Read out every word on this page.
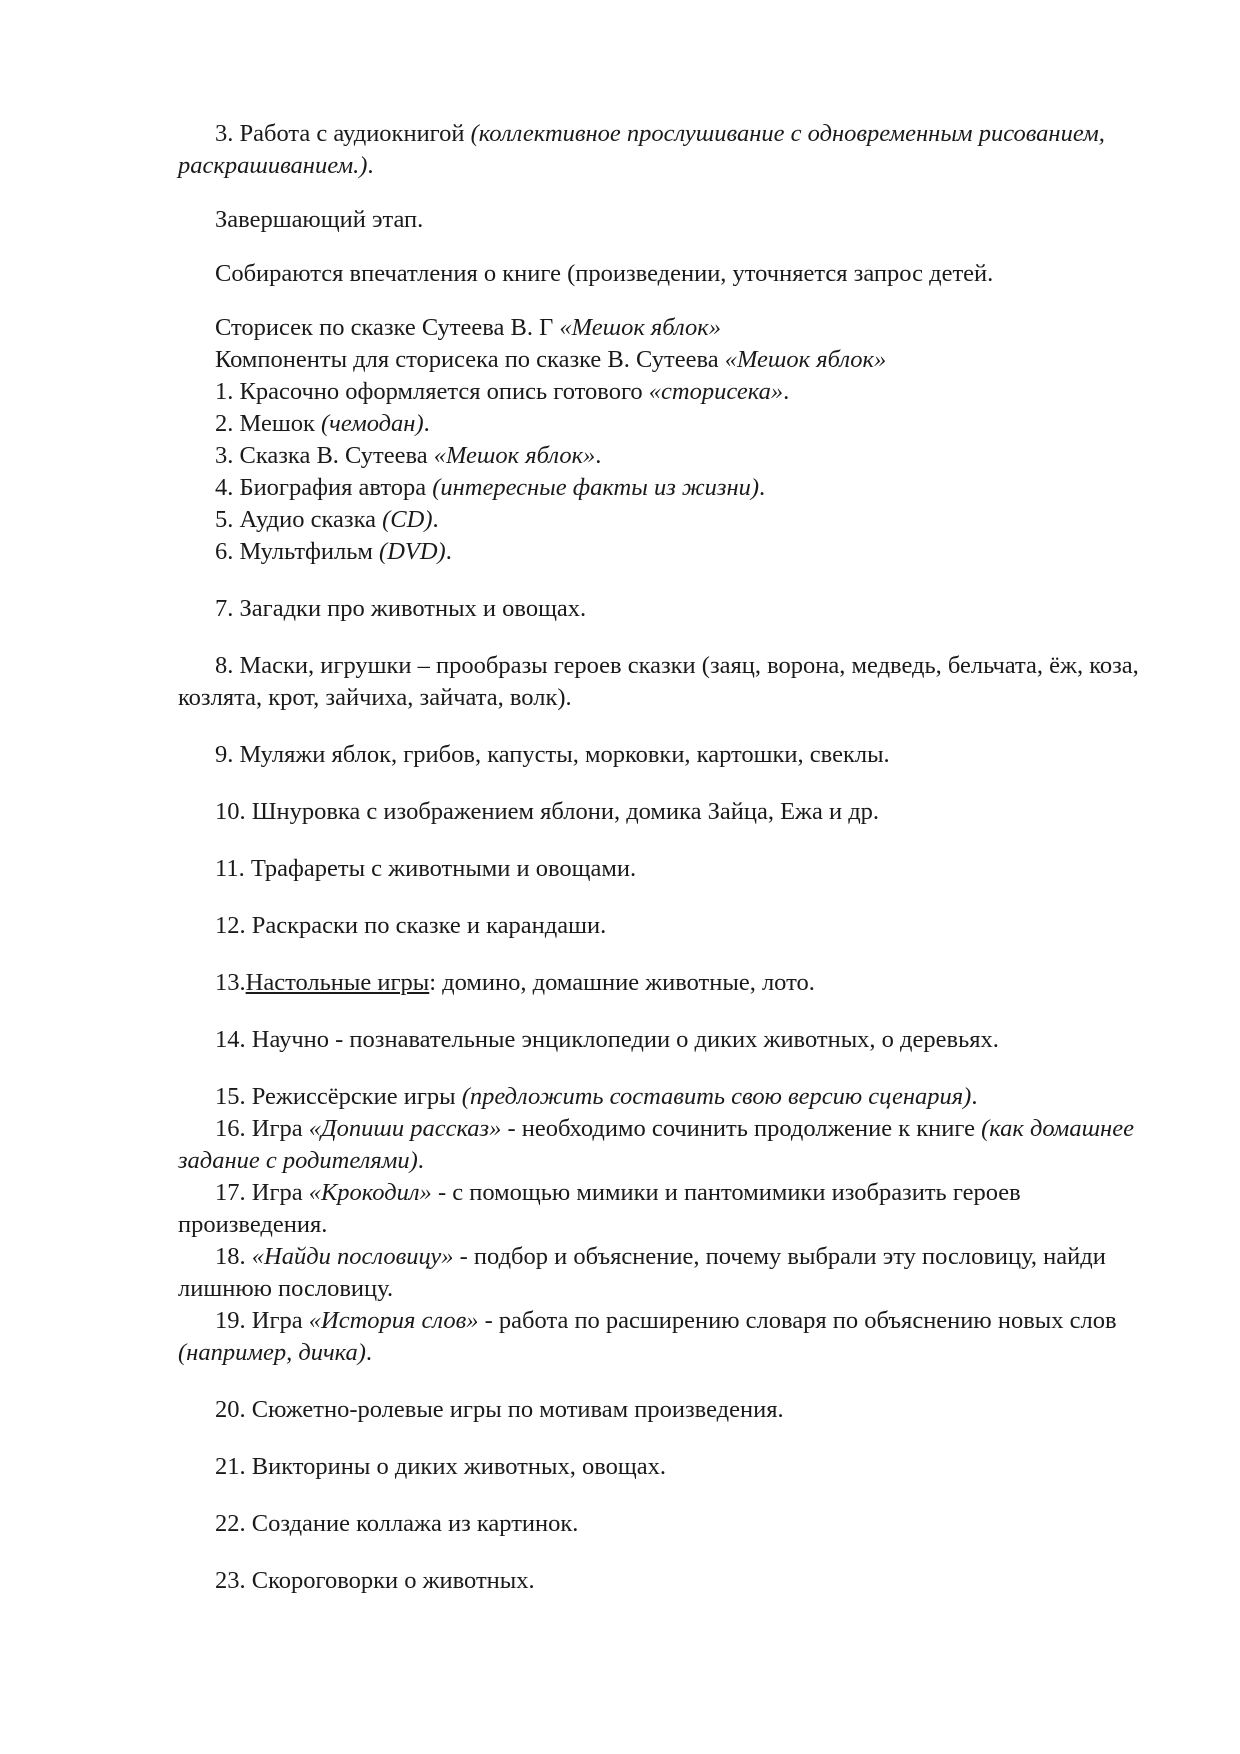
3. Работа с аудиокнигой (коллективное прослушивание с одновременным рисованием, раскрашиванием.).

Завершающий этап.

Собираются впечатления о книге (произведении, уточняется запрос детей.

Сторисек по сказке Сутеева В. Г «Мешок яблок»

Компоненты для сторисека по сказке В. Сутеева «Мешок яблок»

1. Красочно оформляется опись готового «сторисека».

2. Мешок (чемодан).

3. Сказка В. Сутеева «Мешок яблок».

4. Биография автора (интересные факты из жизни).

5. Аудио сказка (CD).

6. Мультфильм (DVD).

7. Загадки про животных и овощах.

8. Маски, игрушки – прообразы героев сказки (заяц, ворона, медведь, бельчата, ёж, коза, козлята, крот, зайчиха, зайчата, волк).

9. Муляжи яблок, грибов, капусты, морковки, картошки, свеклы.

10. Шнуровка с изображением яблони, домика Зайца, Ежа и др.

11. Трафареты с животными и овощами.

12. Раскраски по сказке и карандаши.

13.Настольные игры: домино, домашние животные, лото.

14. Научно - познавательные энциклопедии о диких животных, о деревьях.

15. Режиссёрские игры (предложить составить свою версию сценария).

16. Игра «Допиши рассказ» - необходимо сочинить продолжение к книге (как домашнее задание с родителями).

17. Игра «Крокодил» - с помощью мимики и пантомимики изобразить героев произведения.

18. «Найди пословицу» - подбор и объяснение, почему выбрали эту пословицу, найди лишнюю пословицу.

19. Игра «История слов» - работа по расширению словаря по объяснению новых слов (например, дичка).

20. Сюжетно-ролевые игры по мотивам произведения.

21. Викторины о диких животных, овощах.

22. Создание коллажа из картинок.

23. Скороговорки о животных.
